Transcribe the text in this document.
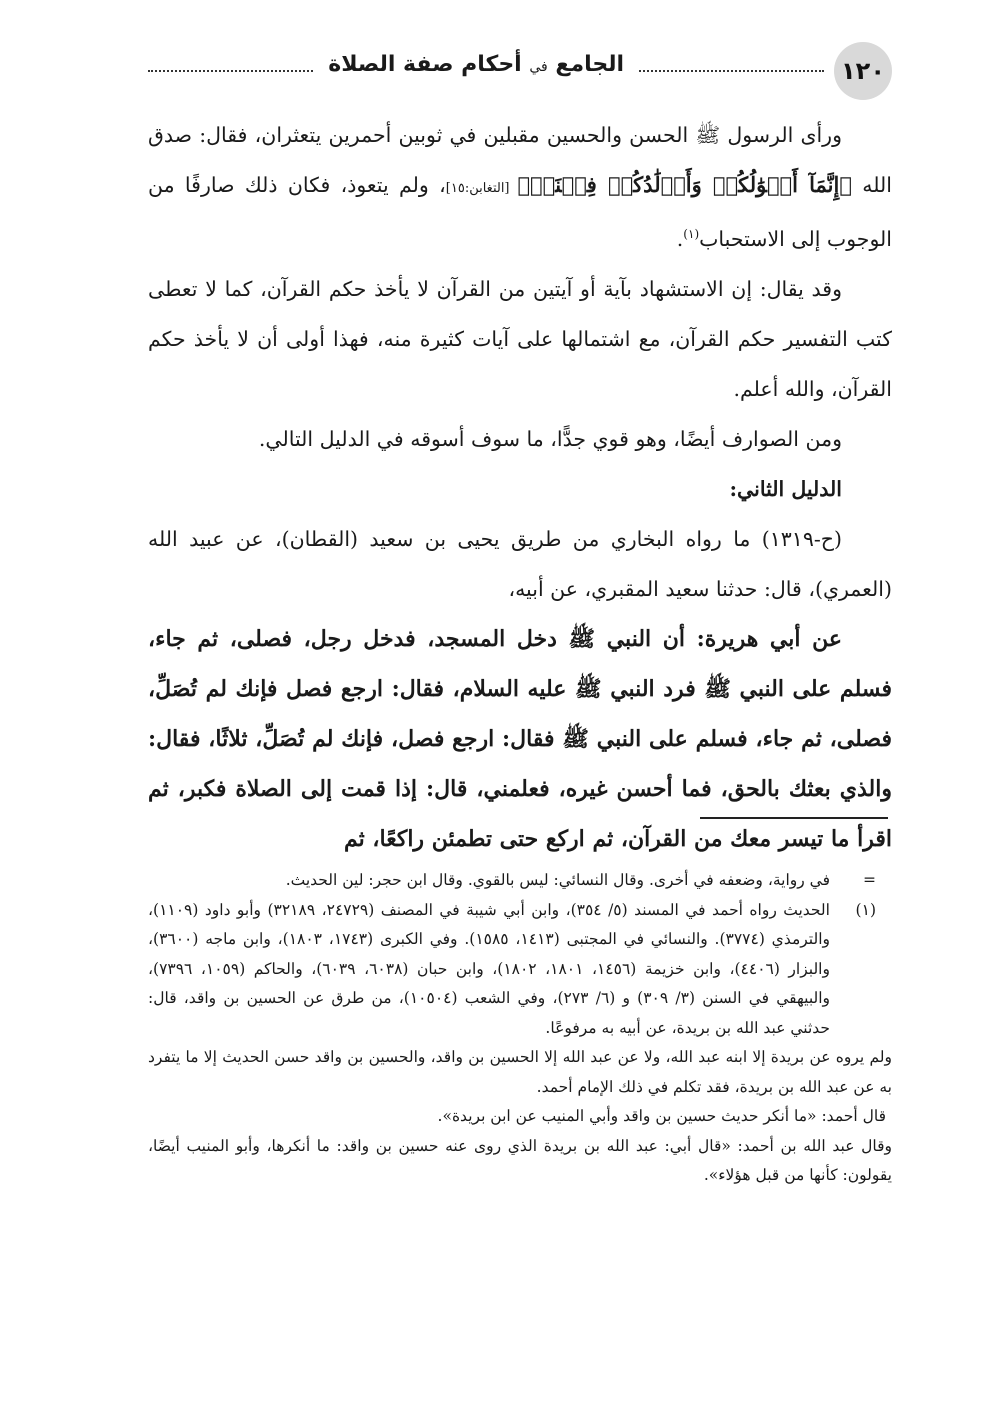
الجامع في أحكام صفة الصلاة	١٢٠

ورأى الرسول ﷺ الحسن والحسين مقبلين في ثوبين أحمرين يتعثران، فقال: صدق الله ﴿إِنَّمَآ أَمۡوَٰلُكُمۡ وَأَوۡلَٰدُكُمۡ فِتۡنَةٞ﴾ [التغابن:١٥]، ولم يتعوذ، فكان ذلك صارفًا من الوجوب إلى الاستحباب$^{(١)}$.

وقد يقال: إن الاستشهاد بآية أو آيتين من القرآن لا يأخذ حكم القرآن، كما لا تعطى كتب التفسير حكم القرآن، مع اشتمالها على آيات كثيرة منه، فهذا أولى أن لا يأخذ حكم القرآن، والله أعلم.

ومن الصوارف أيضًا، وهو قوي جدًّا، ما سوف أسوقه في الدليل التالي.

الدليل الثاني:

(ح-١٣١٩) ما رواه البخاري من طريق يحيى بن سعيد (القطان)، عن عبيد الله (العمري)، قال: حدثنا سعيد المقبري، عن أبيه،

عن أبي هريرة: أن النبي ﷺ دخل المسجد، فدخل رجل، فصلى، ثم جاء، فسلم على النبي ﷺ فرد النبي ﷺ عليه السلام، فقال: ارجع فصل فإنك لم تُصَلِّ، فصلى، ثم جاء، فسلم على النبي ﷺ فقال: ارجع فصل، فإنك لم تُصَلِّ، ثلاثًا، فقال: والذي بعثك بالحق، فما أحسن غيره، فعلمني، قال: إذا قمت إلى الصلاة فكبر، ثم اقرأ ما تيسر معك من القرآن، ثم اركع حتى تطمئن راكعًا، ثم

=
في رواية، وضعفه في أخرى. وقال النسائي: ليس بالقوي. وقال ابن حجر: لين الحديث.

(١)
الحديث رواه أحمد في المسند (٥/ ٣٥٤)، وابن أبي شيبة في المصنف (٢٤٧٢٩، ٣٢١٨٩) وأبو داود (١١٠٩)، والترمذي (٣٧٧٤). والنسائي في المجتبى (١٤١٣، ١٥٨٥). وفي الكبرى (١٧٤٣، ١٨٠٣)، وابن ماجه (٣٦٠٠)، والبزار (٤٤٠٦)، وابن خزيمة (١٤٥٦، ١٨٠١، ١٨٠٢)، وابن حبان (٦٠٣٨، ٦٠٣٩)، والحاكم (١٠٥٩، ٧٣٩٦)، والبيهقي في السنن (٣/ ٣٠٩) و (٦/ ٢٧٣)، وفي الشعب (١٠٥٠٤)، من طرق عن الحسين بن واقد، قال: حدثني عبد الله بن بريدة، عن أبيه به مرفوعًا.

ولم يروه عن بريدة إلا ابنه عبد الله، ولا عن عبد الله إلا الحسين بن واقد، والحسين بن واقد حسن الحديث إلا ما يتفرد به عن عبد الله بن بريدة، فقد تكلم في ذلك الإمام أحمد.

قال أحمد: «ما أنكر حديث حسين بن واقد وأبي المنيب عن ابن بريدة».

وقال عبد الله بن أحمد: «قال أبي: عبد الله بن بريدة الذي روى عنه حسين بن واقد: ما أنكرها، وأبو المنيب أيضًا، يقولون: كأنها من قبل هؤلاء».
